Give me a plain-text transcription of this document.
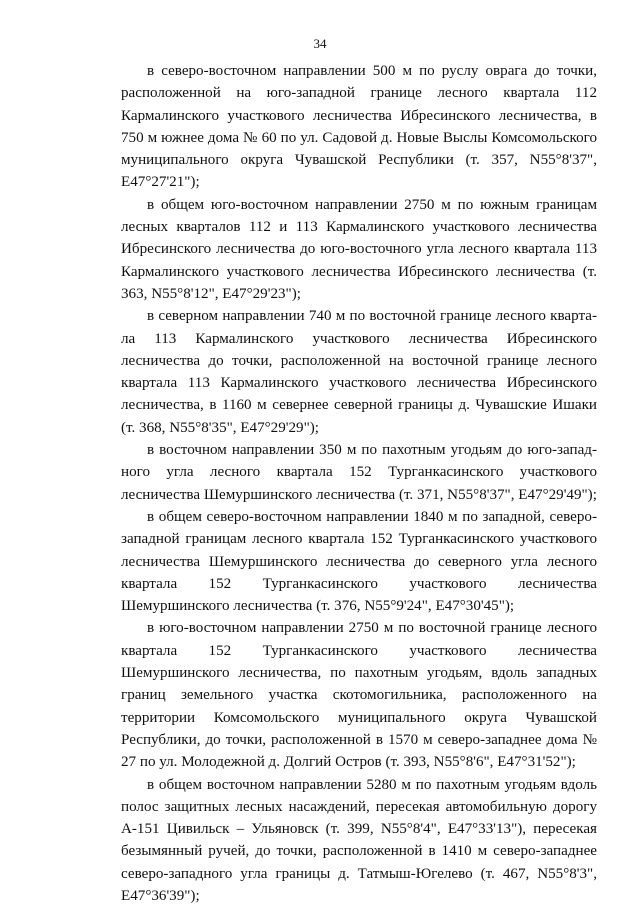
34

в северо-восточном направлении 500 м по руслу оврага до точки, расположенной на юго-западной границе лесного квартала 112 Кармалинского участкового лесничества Ибресинского лесничества, в 750 м южнее дома № 60 по ул. Садовой д. Новые Выслы Комсомольского муниципального округа Чувашской Республики (т. 357, N55°8'37", E47°27'21");

в общем юго-восточном направлении 2750 м по южным границам лесных кварталов 112 и 113 Кармалинского участкового лесничества Ибресинского лесничества до юго-восточного угла лесного квартала 113 Кармалинского участкового лесничества Ибресинского лесничества (т. 363, N55°8'12", E47°29'23");

в северном направлении 740 м по восточной границе лесного квартала 113 Кармалинского участкового лесничества Ибресинского лесничества до точки, расположенной на восточной границе лесного квартала 113 Кармалинского участкового лесничества Ибресинского лесничества, в 1160 м севернее северной границы д. Чувашские Ишаки (т. 368, N55°8'35", E47°29'29");

в восточном направлении 350 м по пахотным угодьям до юго-западного угла лесного квартала 152 Турганкасинского участкового лесничества Шемуршинского лесничества (т. 371, N55°8'37", E47°29'49");

в общем северо-восточном направлении 1840 м по западной, северо-западной границам лесного квартала 152 Турганкасинского участкового лесничества Шемуршинского лесничества до северного угла лесного квартала 152 Турганкасинского участкового лесничества Шемуршинского лесничества (т. 376, N55°9'24", E47°30'45");

в юго-восточном направлении 2750 м по восточной границе лесного квартала 152 Турганкасинского участкового лесничества Шемуршинского лесничества, по пахотным угодьям, вдоль западных границ земельного участка скотомогильника, расположенного на территории Комсомольского муниципального округа Чувашской Республики, до точки, расположенной в 1570 м северо-западнее дома № 27 по ул. Молодежной д. Долгий Остров (т. 393, N55°8'6", E47°31'52");

в общем восточном направлении 5280 м по пахотным угодьям вдоль полос защитных лесных насаждений, пересекая автомобильную дорогу А-151 Цивильск – Ульяновск (т. 399, N55°8'4", E47°33'13"), пересекая безымянный ручей, до точки, расположенной в 1410 м северо-западнее северо-западного угла границы д. Татмыш-Югелево (т. 467, N55°8'3", E47°36'39");
